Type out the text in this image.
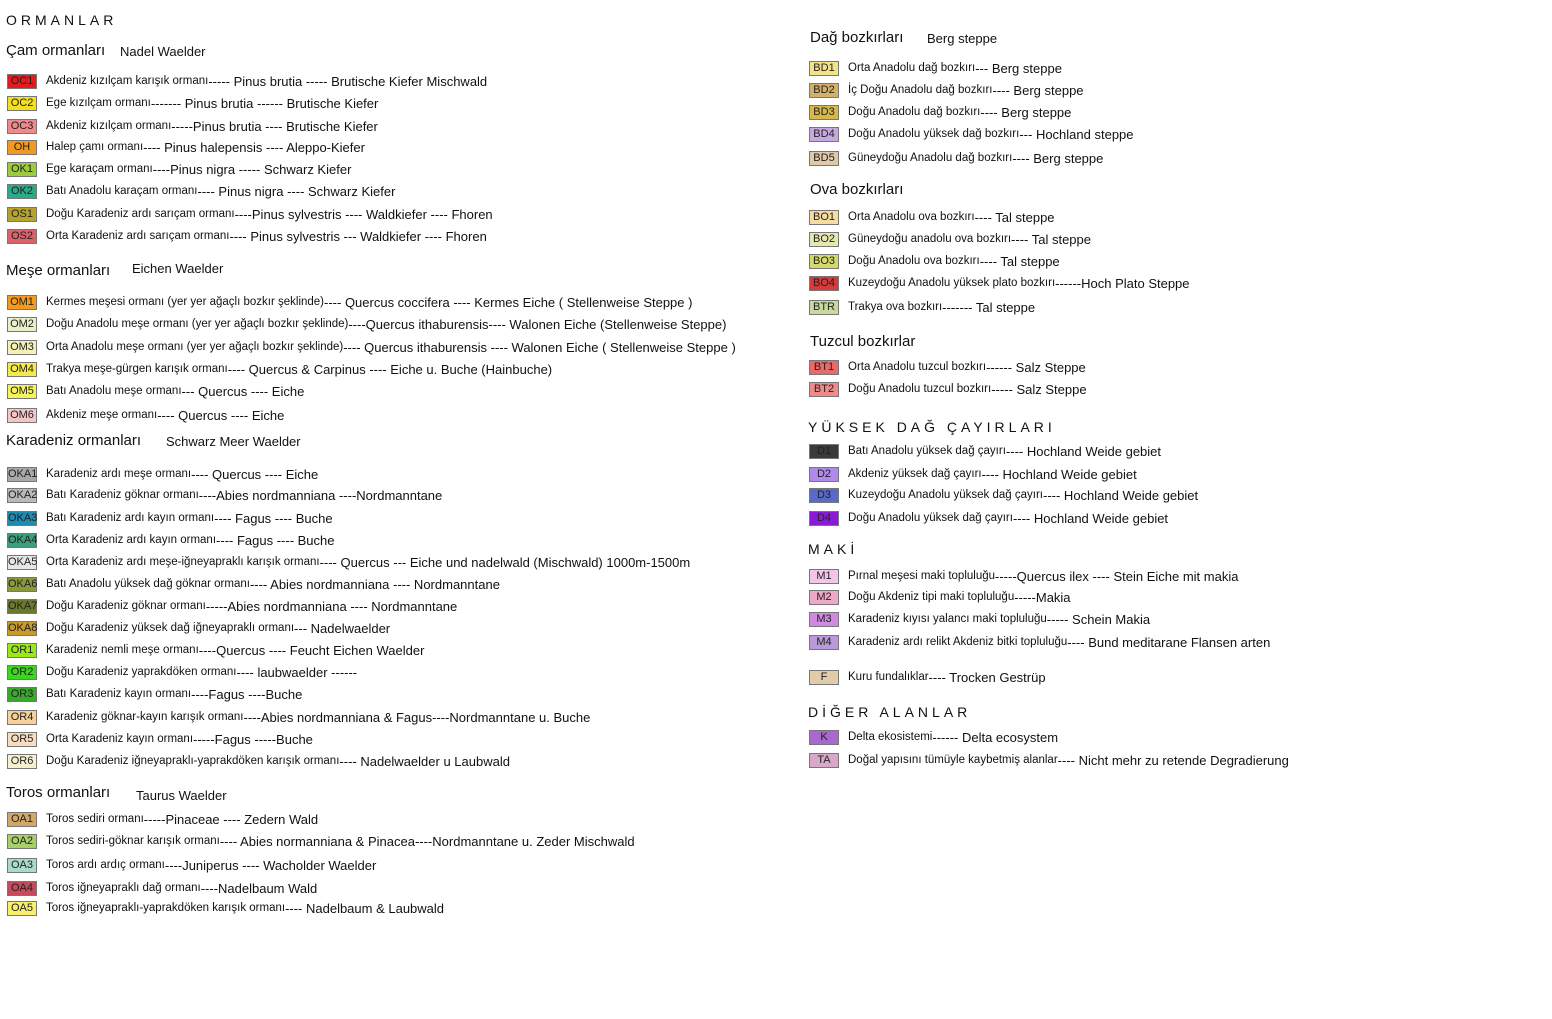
ORMANLAR
Çam ormanları Nadel Waelder
OC1	Akdeniz kızılçam karışık ormanı ----- Pinus brutia ----- Brutische Kiefer Mischwald
OC2	Ege kızılçam ormanı ------- Pinus brutia ------ Brutische Kiefer
OC3	Akdeniz kızılçam ormanı -----Pinus brutia ---- Brutische Kiefer
OH	Halep çamı ormanı ---- Pinus halepensis ---- Aleppo-Kiefer
OK1	Ege karaçam ormanı ----Pinus nigra ----- Schwarz Kiefer
OK2	Batı Anadolu karaçam ormanı ---- Pinus nigra ---- Schwarz Kiefer
OS1	Doğu Karadeniz ardı sarıçam ormanı ----Pinus sylvestris ---- Waldkiefer ---- Fhoren
OS2	Orta Karadeniz ardı sarıçam ormanı ---- Pinus sylvestris --- Waldkiefer ---- Fhoren
Meşe ormanları Eichen Waelder
OM1 Kermes meşesi ormanı (yer yer ağaçlı bozkır şeklinde) ---- Quercus coccifera ---- Kermes Eiche ( Stellenweise Steppe )
OM2 Doğu Anadolu meşe ormanı (yer yer ağaçlı bozkır şeklinde) ----Quercus ithaburensis---- Walonen Eiche (Stellenweise Steppe)
OM3 Orta Anadolu meşe ormanı (yer yer ağaçlı bozkır şeklinde) ---- Quercus ithaburensis ---- Walonen Eiche ( Stellenweise Steppe )
OM4 Trakya meşe-gürgen karışık ormanı ---- Quercus & Carpinus ---- Eiche u. Buche (Hainbuche)
OM5 Batı Anadolu meşe ormanı --- Quercus ---- Eiche
OM6 Akdeniz meşe ormanı ---- Quercus ---- Eiche
Karadeniz ormanları Schwarz Meer Waelder
OKA1 Karadeniz ardı meşe ormanı ---- Quercus ---- Eiche
OKA2 Batı Karadeniz göknar ormanı ----Abies nordmanniana ----Nordmanntane
OKA3 Batı Karadeniz ardı kayın ormanı ---- Fagus ---- Buche
OKA4 Orta Karadeniz ardı kayın ormanı ---- Fagus ---- Buche
OKA5 Orta Karadeniz ardı meşe-iğneyapraklı karışık ormanı ---- Quercus --- Eiche und nadelwald (Mischwald) 1000m-1500m
OKA6 Batı Anadolu yüksek dağ göknar ormanı ---- Abies nordmanniana ---- Nordmanntane
OKA7 Doğu Karadeniz göknar ormanı -----Abies nordmanniana ---- Nordmanntane
OKA8 Doğu Karadeniz yüksek dağ iğneyapraklı ormanı --- Nadelwaelder
OR1	Karadeniz nemli meşe ormanı ----Quercus ---- Feucht Eichen Waelder
OR2	Doğu Karadeniz yaprakdöken ormanı ---- laubwaelder ------
OR3	Batı Karadeniz kayın ormanı ----Fagus ----Buche
OR4	Karadeniz göknar-kayın karışık ormanı ----Abies nordmanniana & Fagus----Nordmanntane u. Buche
OR5	Orta Karadeniz kayın ormanı -----Fagus -----Buche
OR6	Doğu Karadeniz iğneyapraklı-yaprakdöken karışık ormanı ---- Nadelwaelder u Laubwald
Toros ormanları Taurus Waelder
OA1	Toros sediri ormanı -----Pinaceae ---- Zedern Wald
OA2	Toros sediri-göknar karışık ormanı ---- Abies normanniana & Pinacea----Nordmanntane u. Zeder Mischwald
OA3	Toros ardı ardıç ormanı ----Juniperus ---- Wacholder Waelder
OA4	Toros iğneyapraklı dağ ormanı ----Nadelbaum Wald
OA5	Toros iğneyapraklı-yaprakdöken karışık ormanı ---- Nadelbaum & Laubwald
Dağ bozkırları Berg steppe
BD1	Orta Anadolu dağ bozkırı --- Berg steppe
BD2	İç Doğu Anadolu dağ bozkırı ---- Berg steppe
BD3	Doğu Anadolu dağ bozkırı ---- Berg steppe
BD4	Doğu Anadolu yüksek dağ bozkırı --- Hochland steppe
BD5	Güneydoğu Anadolu dağ bozkırı ---- Berg steppe
Ova bozkırları
BO1	Orta Anadolu ova bozkırı ---- Tal steppe
BO2	Güneydoğu anadolu ova bozkırı ---- Tal steppe
BO3	Doğu Anadolu ova bozkırı ---- Tal steppe
BO4	Kuzeydoğu Anadolu yüksek plato bozkırı ------Hoch Plato Steppe
BTR	Trakya ova bozkırı ------- Tal steppe
Tuzcul bozkırlar
BT1	Orta Anadolu tuzcul bozkırı ------ Salz Steppe
BT2	Doğu Anadolu tuzcul bozkırı ----- Salz Steppe
YÜKSEK DAĞ ÇAYIRLARI
D1	Batı Anadolu yüksek dağ çayırı ---- Hochland Weide gebiet
D2	Akdeniz yüksek dağ çayırı ---- Hochland Weide gebiet
D3	Kuzeydoğu Anadolu yüksek dağ çayırı ---- Hochland Weide gebiet
D4	Doğu Anadolu yüksek dağ çayırı ---- Hochland Weide gebiet
MAKİ
M1	Pırnal meşesi maki topluluğu -----Quercus ilex ---- Stein Eiche mit makia
M2	Doğu Akdeniz tipi maki topluluğu -----Makia
M3	Karadeniz kıyısı yalancı maki topluluğu ----- Schein Makia
M4	Karadeniz ardı relikt Akdeniz bitki topluluğu ---- Bund meditarane Flansen arten
F	Kuru fundalıklar ---- Trocken Gestrüp
DİĞER ALANLAR
K	Delta ekosistemi ------ Delta ecosystem
TA	Doğal yapısını tümüyle kaybetmiş alanlar ---- Nicht mehr zu retende Degradierung
